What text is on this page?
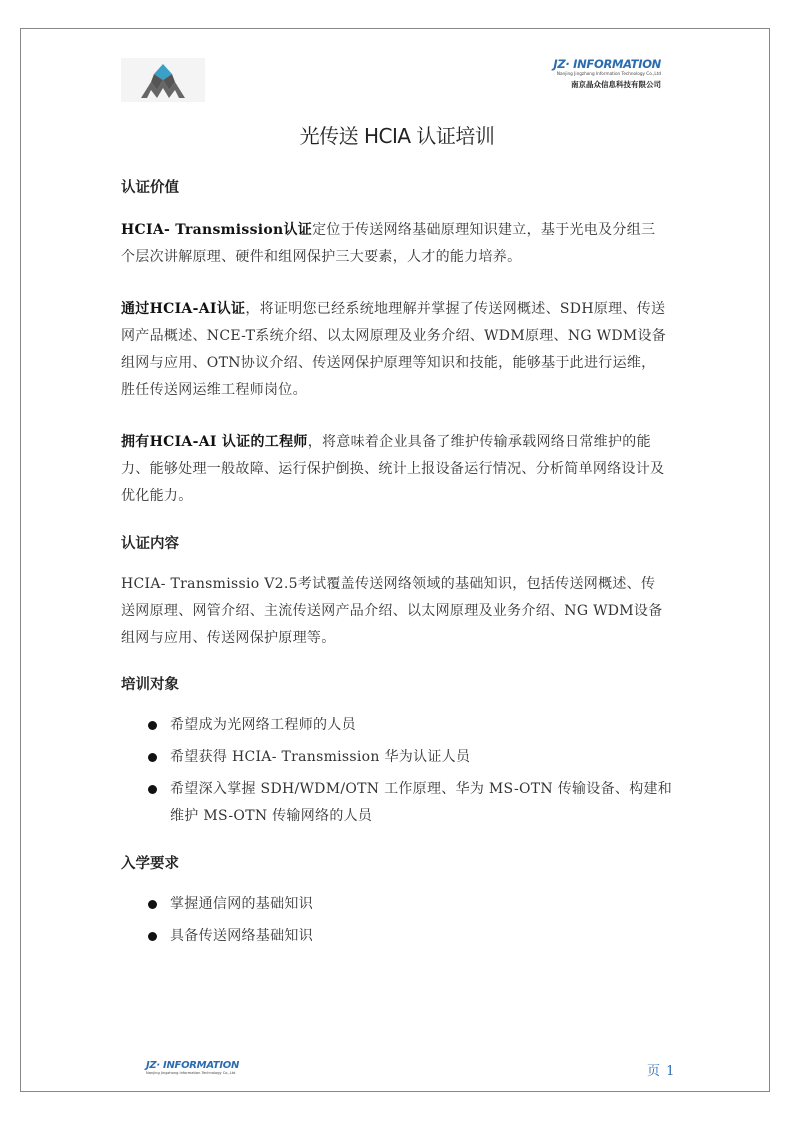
JZ· INFORMATION
Nanjing Jingzhong Information Technology Co.,Ltd
南京晶众信息科技有限公司
光传送 HCIA 认证培训
认证价值
HCIA- Transmission认证定位于传送网络基础原理知识建立，基于光电及分组三个层次讲解原理、硬件和组网保护三大要素，人才的能力培养。
通过HCIA-AI认证，将证明您已经系统地理解并掌握了传送网概述、SDH原理、传送网产品概述、NCE-T系统介绍、以太网原理及业务介绍、WDM原理、NG WDM设备组网与应用、OTN协议介绍、传送网保护原理等知识和技能，能够基于此进行运维，胜任传送网运维工程师岗位。
拥有HCIA-AI 认证的工程师，将意味着企业具备了维护传输承载网络日常维护的能力、能够处理一般故障、运行保护倒换、统计上报设备运行情况、分析简单网络设计及优化能力。
认证内容
HCIA- Transmissio V2.5考试覆盖传送网络领域的基础知识，包括传送网概述、传送网原理、网管介绍、主流传送网产品介绍、以太网原理及业务介绍、NG WDM设备组网与应用、传送网保护原理等。
培训对象
希望成为光网络工程师的人员
希望获得 HCIA- Transmission 华为认证人员
希望深入掌握 SDH/WDM/OTN 工作原理、华为 MS-OTN 传输设备、构建和维护 MS-OTN 传输网络的人员
入学要求
掌握通信网的基础知识
具备传送网络基础知识
JZ· INFORMATION
Nanjing Jingzhong Information Technology Co.,Ltd	页 1
